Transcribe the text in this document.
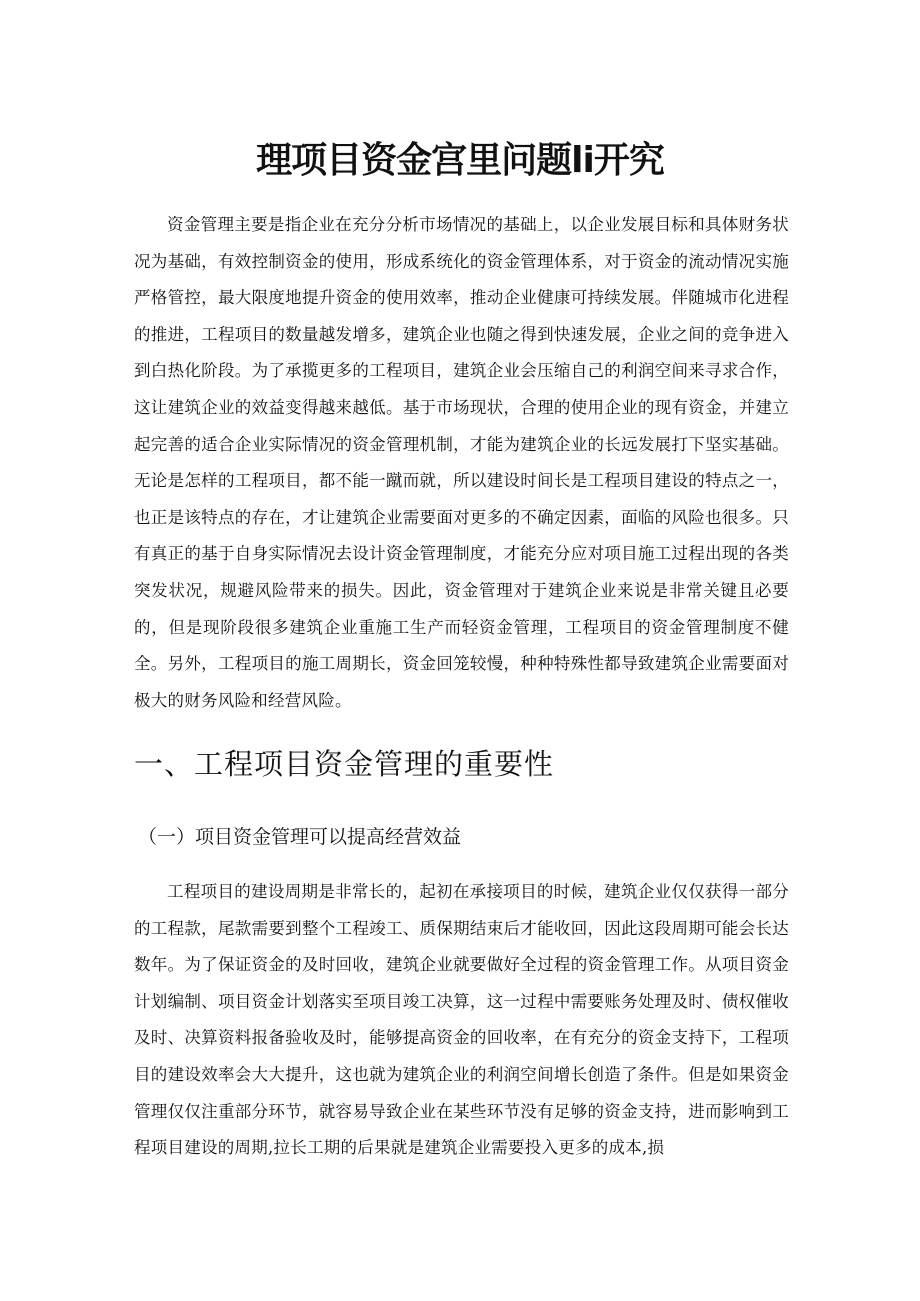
理项目资金宫里问题li开究

资金管理主要是指企业在充分分析市场情况的基础上，以企业发展目标和具体财务状况为基础，有效控制资金的使用，形成系统化的资金管理体系，对于资金的流动情况实施严格管控，最大限度地提升资金的使用效率，推动企业健康可持续发展。伴随城市化进程的推进，工程项目的数量越发增多，建筑企业也随之得到快速发展，企业之间的竞争进入到白热化阶段。为了承揽更多的工程项目，建筑企业会压缩自己的利润空间来寻求合作，这让建筑企业的效益变得越来越低。基于市场现状，合理的使用企业的现有资金，并建立起完善的适合企业实际情况的资金管理机制，才能为建筑企业的长远发展打下坚实基础。无论是怎样的工程项目，都不能一蹴而就，所以建设时间长是工程项目建设的特点之一，也正是该特点的存在，才让建筑企业需要面对更多的不确定因素，面临的风险也很多。只有真正的基于自身实际情况去设计资金管理制度，才能充分应对项目施工过程出现的各类突发状况，规避风险带来的损失。因此，资金管理对于建筑企业来说是非常关键且必要的，但是现阶段很多建筑企业重施工生产而轻资金管理，工程项目的资金管理制度不健全。另外，工程项目的施工周期长，资金回笼较慢，种种特殊性都导致建筑企业需要面对极大的财务风险和经营风险。

一、工程项目资金管理的重要性
（一）项目资金管理可以提高经营效益

工程项目的建设周期是非常长的，起初在承接项目的时候，建筑企业仅仅获得一部分的工程款，尾款需要到整个工程竣工、质保期结束后才能收回，因此这段周期可能会长达数年。为了保证资金的及时回收，建筑企业就要做好全过程的资金管理工作。从项目资金计划编制、项目资金计划落实至项目竣工决算，这一过程中需要账务处理及时、债权催收及时、决算资料报备验收及时，能够提高资金的回收率，在有充分的资金支持下，工程项目的建设效率会大大提升，这也就为建筑企业的利润空间增长创造了条件。但是如果资金管理仅仅注重部分环节，就容易导致企业在某些环节没有足够的资金支持，进而影响到工程项目建设的周期,拉长工期的后果就是建筑企业需要投入更多的成本,损
